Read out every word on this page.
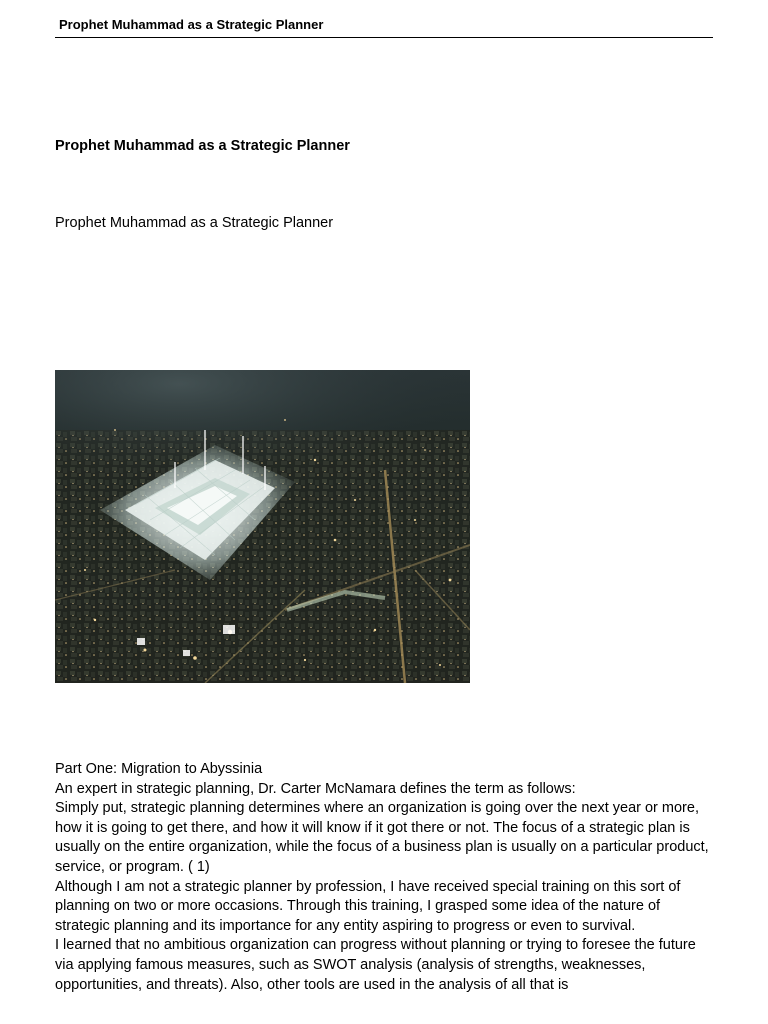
Prophet Muhammad as a Strategic Planner
Prophet Muhammad as a Strategic Planner
Prophet Muhammad as a Strategic Planner

Part One: Migration to Abyssinia

An expert in strategic planning, Dr. Carter McNamara defines the term as follows:

Simply put, strategic planning determines where an organization is going over the next year or more, how it is going to get there, and how it will know if it got there or not. The focus of a strategic plan is usually on the entire organization, while the focus of a business plan is usually on a particular product, service, or program. ( 1)

Although I am not a strategic planner by profession, I have received special training on this sort of planning on two or more occasions. Through this training, I grasped some idea of the nature of strategic planning and its importance for any entity aspiring to progress or even to survival.

I learned that no ambitious organization can progress without planning or trying to foresee the future via applying famous measures, such as SWOT analysis (analysis of strengths, weaknesses, opportunities, and threats). Also, other tools are used in the analysis of all that is
